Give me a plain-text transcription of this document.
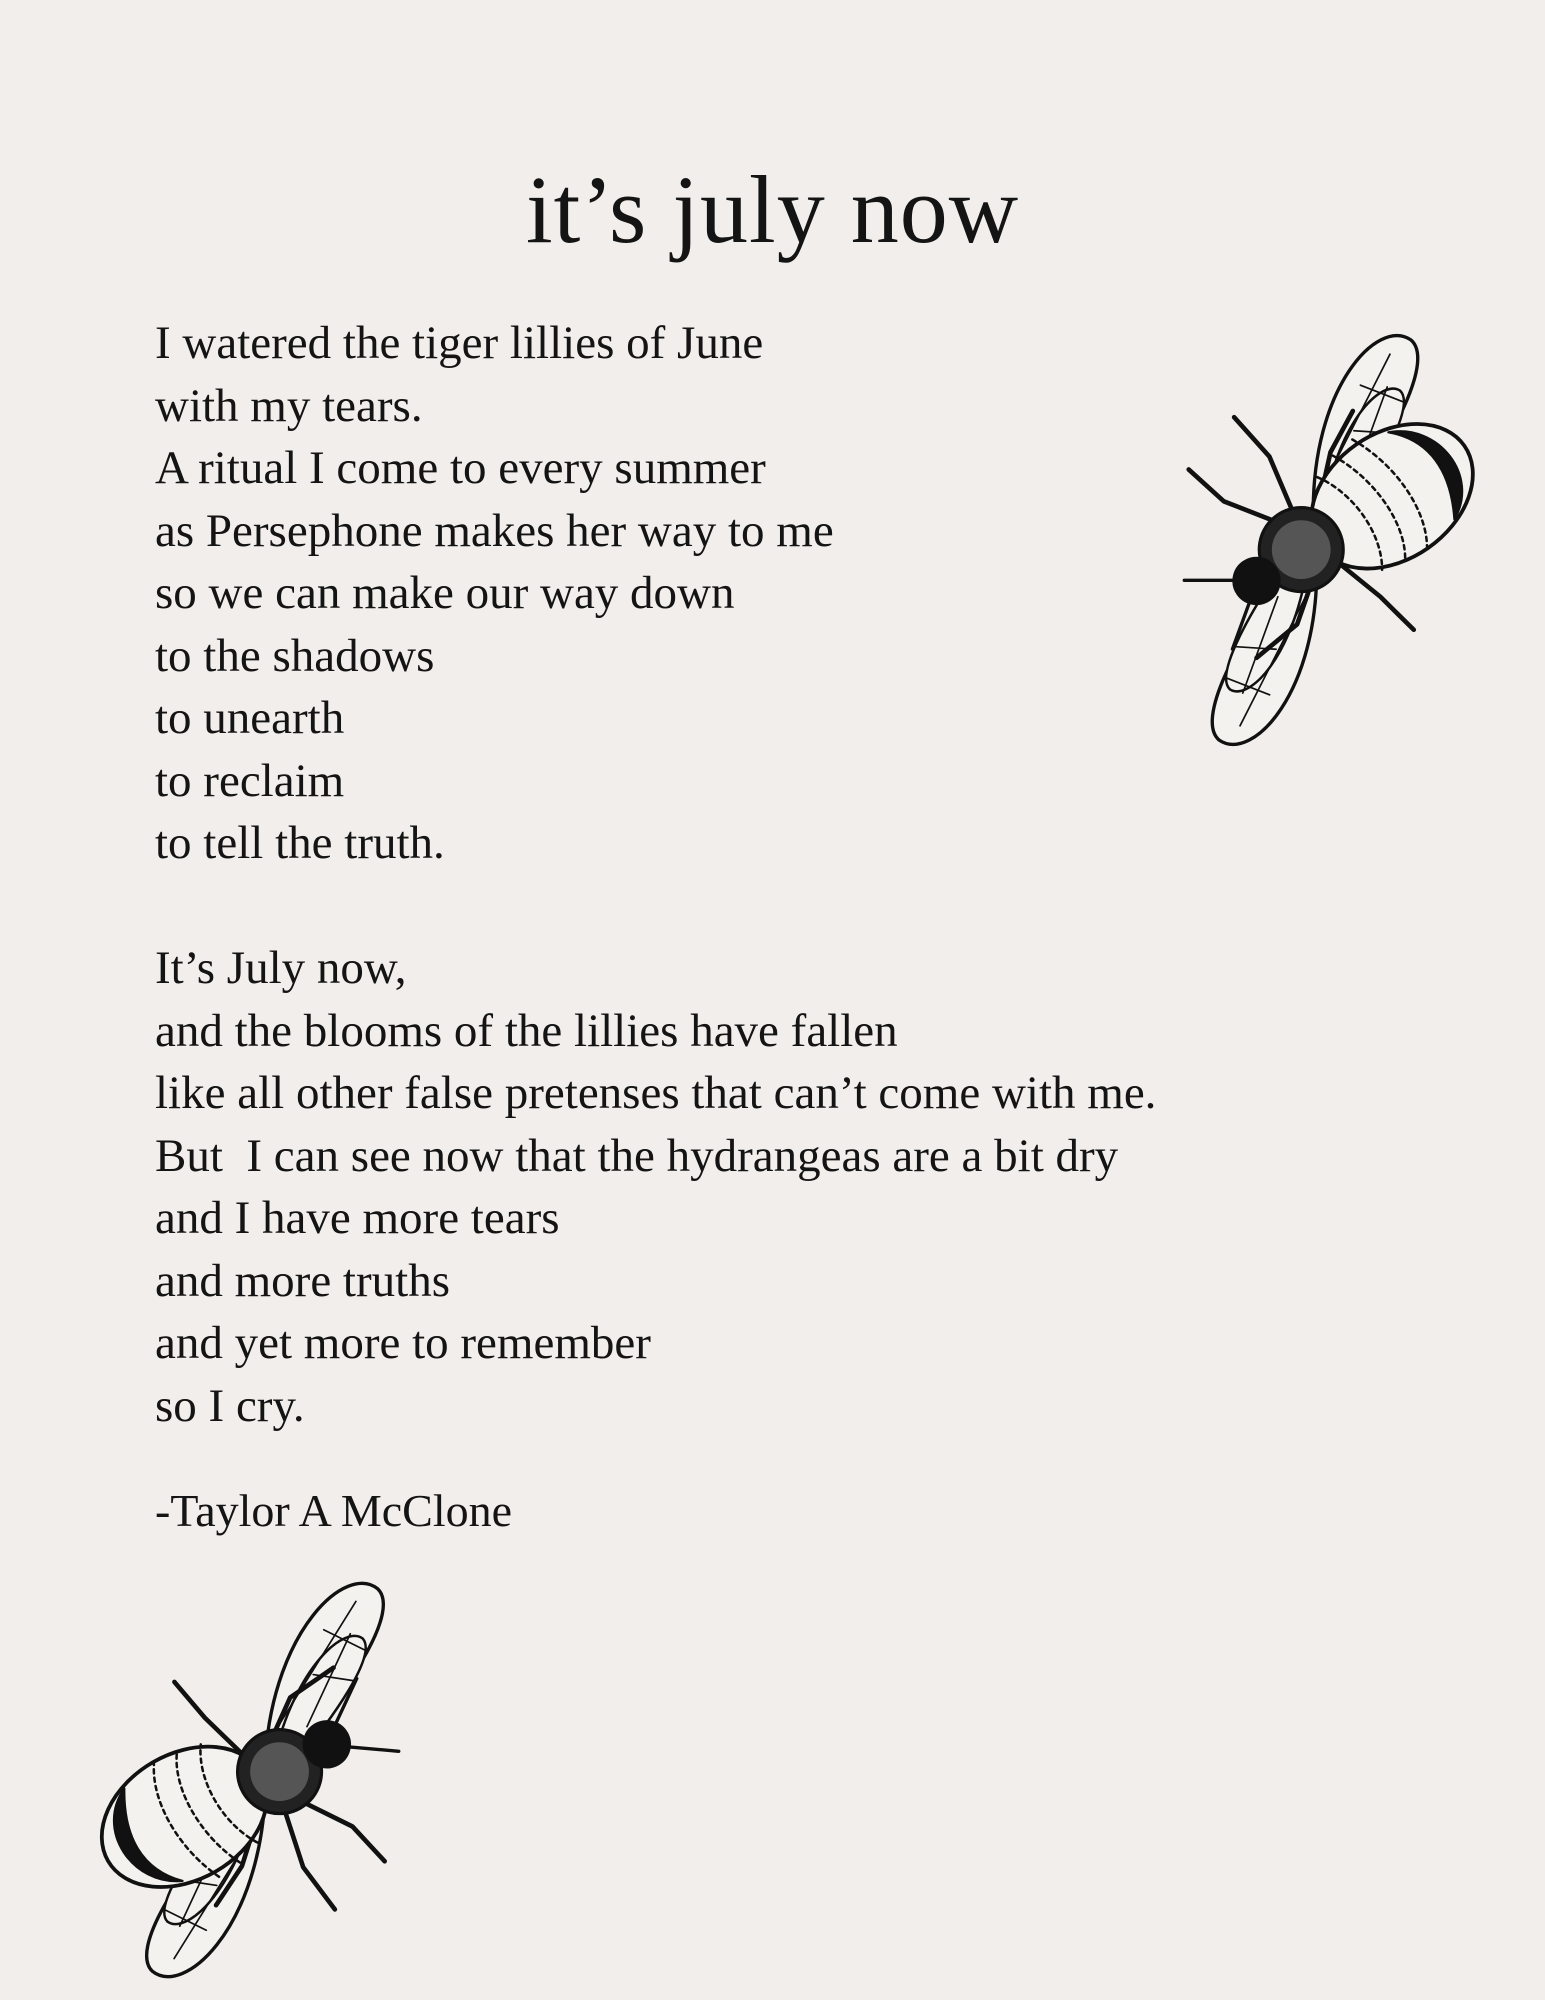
it’s july now
I watered the tiger lillies of June
with my tears.
A ritual I come to every summer
as Persephone makes her way to me
so we can make our way down
to the shadows
to unearth
to reclaim
to tell the truth.
It’s July now,
and the blooms of the lillies have fallen
like all other false pretenses that can’t come with me.
But  I can see now that the hydrangeas are a bit dry
and I have more tears
and more truths
and yet more to remember
so I cry.
-Taylor A McClone
